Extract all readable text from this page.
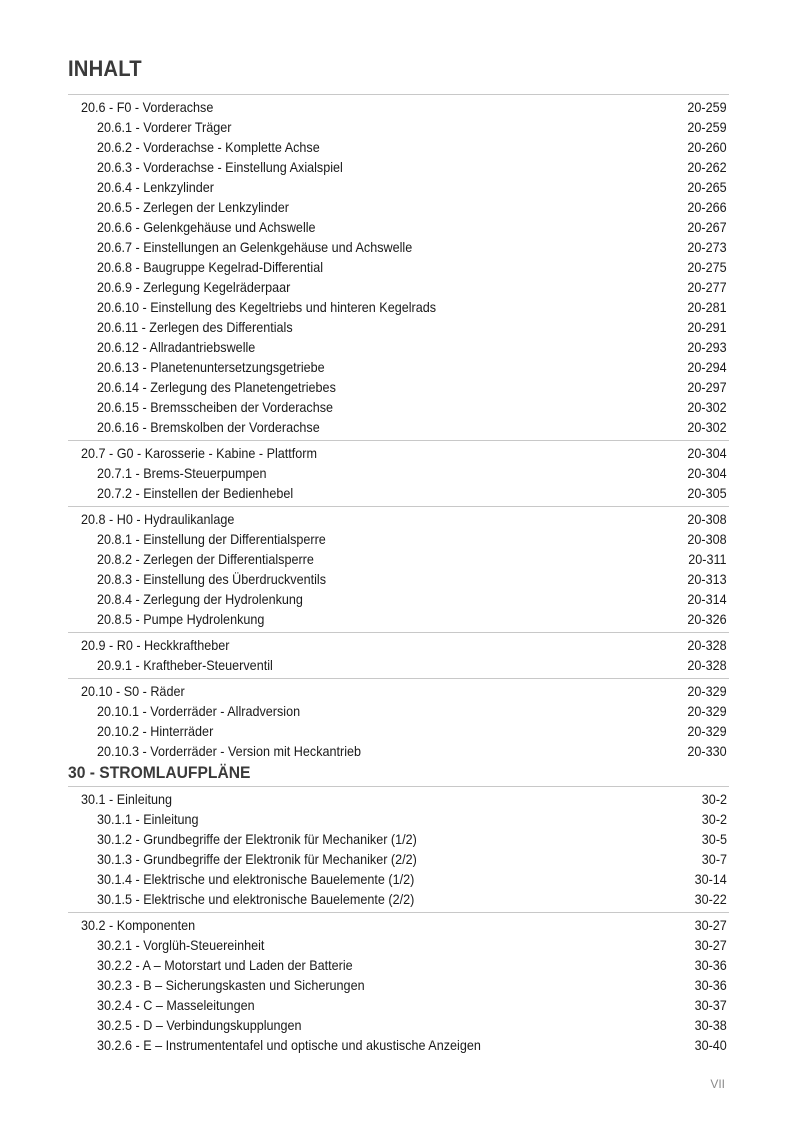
INHALT
20.6 - F0 - Vorderachse	20-259
20.6.1 - Vorderer Träger	20-259
20.6.2 - Vorderachse - Komplette Achse	20-260
20.6.3 - Vorderachse - Einstellung Axialspiel	20-262
20.6.4 - Lenkzylinder	20-265
20.6.5 - Zerlegen der Lenkzylinder	20-266
20.6.6 - Gelenkgehäuse und Achswelle	20-267
20.6.7 - Einstellungen an Gelenkgehäuse und Achswelle	20-273
20.6.8 - Baugruppe Kegelrad-Differential	20-275
20.6.9 - Zerlegung Kegelräderpaar	20-277
20.6.10 - Einstellung des Kegeltriebs und hinteren Kegelrads	20-281
20.6.11 - Zerlegen des Differentials	20-291
20.6.12 - Allradantriebswelle	20-293
20.6.13 - Planetenuntersetzungsgetriebe	20-294
20.6.14 - Zerlegung des Planetengetriebes	20-297
20.6.15 - Bremsscheiben der Vorderachse	20-302
20.6.16 - Bremskolben der Vorderachse	20-302
20.7 - G0 - Karosserie - Kabine - Plattform	20-304
20.7.1 - Brems-Steuerpumpen	20-304
20.7.2 - Einstellen der Bedienhebel	20-305
20.8 - H0 - Hydraulikanlage	20-308
20.8.1 - Einstellung der Differentialsperre	20-308
20.8.2 - Zerlegen der Differentialsperre	20-311
20.8.3 - Einstellung des Überdruckventils	20-313
20.8.4 - Zerlegung der Hydrolenkung	20-314
20.8.5 - Pumpe Hydrolenkung	20-326
20.9 - R0 - Heckkraftheber	20-328
20.9.1 - Kraftheber-Steuerventil	20-328
20.10 - S0 - Räder	20-329
20.10.1 - Vorderräder - Allradversion	20-329
20.10.2 - Hinterräder	20-329
20.10.3 - Vorderräder - Version mit Heckantrieb	20-330
30 - STROMLAUFPLÄNE
30.1 - Einleitung	30-2
30.1.1 - Einleitung	30-2
30.1.2 - Grundbegriffe der Elektronik für Mechaniker (1/2)	30-5
30.1.3 - Grundbegriffe der Elektronik für Mechaniker (2/2)	30-7
30.1.4 - Elektrische und elektronische Bauelemente (1/2)	30-14
30.1.5 - Elektrische und elektronische Bauelemente (2/2)	30-22
30.2 - Komponenten	30-27
30.2.1 - Vorglüh-Steuereinheit	30-27
30.2.2 - A – Motorstart und Laden der Batterie	30-36
30.2.3 - B – Sicherungskasten und Sicherungen	30-36
30.2.4 - C – Masseleitungen	30-37
30.2.5 - D – Verbindungskupplungen	30-38
30.2.6 - E – Instrumententafel und optische und akustische Anzeigen	30-40
VII
